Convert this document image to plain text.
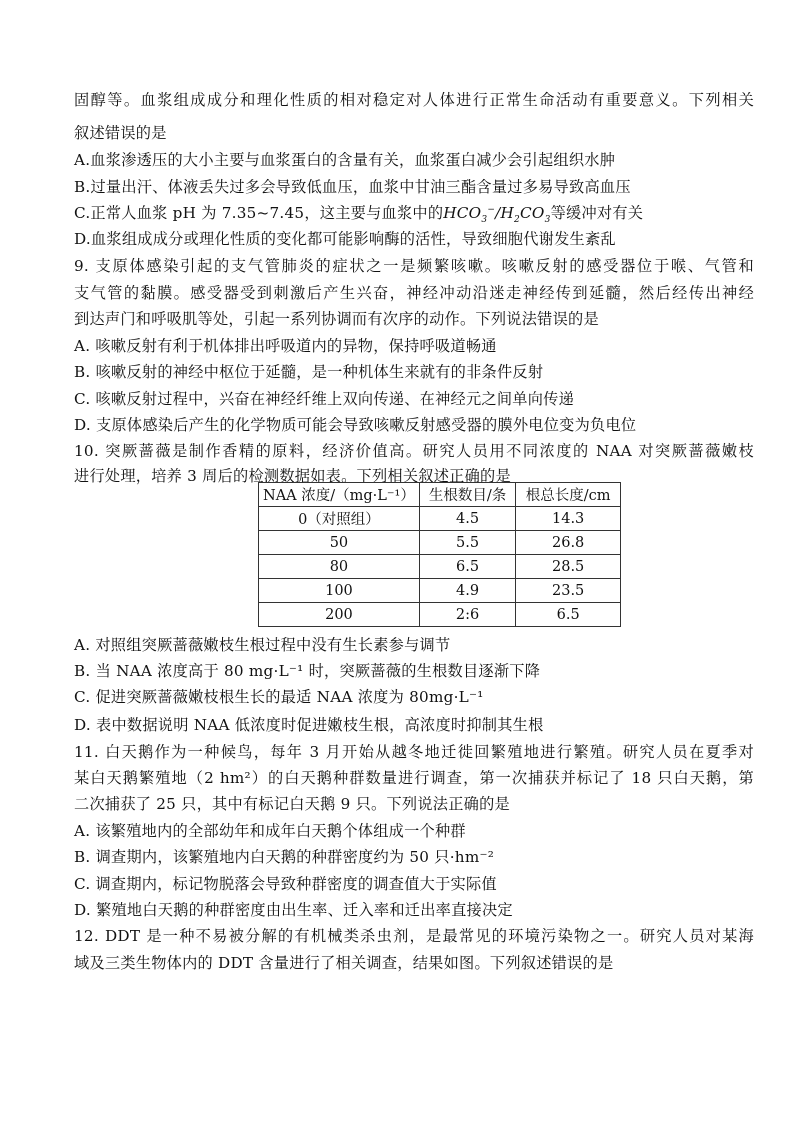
固醇等。血浆组成成分和理化性质的相对稳定对人体进行正常生命活动有重要意义。下列相关
叙述错误的是
A.血浆渗透压的大小主要与血浆蛋白的含量有关，血浆蛋白减少会引起组织水肿
B.过量出汗、体液丢失过多会导致低血压，血浆中甘油三酯含量过多易导致高血压
C.正常人血浆 pH 为 7.35~7.45，这主要与血浆中的$HCO_3^-/H_2CO_3$等缓冲对有关
D.血浆组成成分或理化性质的变化都可能影响酶的活性，导致细胞代谢发生紊乱
9. 支原体感染引起的支气管肺炎的症状之一是频繁咳嗽。咳嗽反射的感受器位于喉、气管和
支气管的黏膜。感受器受到刺激后产生兴奋，神经冲动沿迷走神经传到延髓，然后经传出神经
到达声门和呼吸肌等处，引起一系列协调而有次序的动作。下列说法错误的是
A. 咳嗽反射有利于机体排出呼吸道内的异物，保持呼吸道畅通
B. 咳嗽反射的神经中枢位于延髓，是一种机体生来就有的非条件反射
C. 咳嗽反射过程中，兴奋在神经纤维上双向传递、在神经元之间单向传递
D. 支原体感染后产生的化学物质可能会导致咳嗽反射感受器的膜外电位变为负电位
10. 突厥蔷薇是制作香精的原料，经济价值高。研究人员用不同浓度的 NAA 对突厥蔷薇嫩枝
进行处理，培养 3 周后的检测数据如表。下列相关叙述正确的是
NAA 浓度/（mg·L⁻¹）	生根数目/条	根总长度/cm
0（对照组）	4.5	14.3
50	5.5	26.8
80	6.5	28.5
100	4.9	23.5
200	2:6	6.5
A. 对照组突厥蔷薇嫩枝生根过程中没有生长素参与调节
B. 当 NAA 浓度高于 80 mg·L⁻¹ 时，突厥蔷薇的生根数目逐渐下降
C. 促进突厥蔷薇嫩枝根生长的最适 NAA 浓度为 80mg·L⁻¹
D. 表中数据说明 NAA 低浓度时促进嫩枝生根，高浓度时抑制其生根
11. 白天鹅作为一种候鸟，每年 3 月开始从越冬地迁徙回繁殖地进行繁殖。研究人员在夏季对
某白天鹅繁殖地（2 hm²）的白天鹅种群数量进行调查，第一次捕获并标记了 18 只白天鹅，第
二次捕获了 25 只，其中有标记白天鹅 9 只。下列说法正确的是
A. 该繁殖地内的全部幼年和成年白天鹅个体组成一个种群
B. 调查期内，该繁殖地内白天鹅的种群密度约为 50 只·hm⁻²
C. 调查期内，标记物脱落会导致种群密度的调查值大于实际值
D. 繁殖地白天鹅的种群密度由出生率、迁入率和迁出率直接决定
12. DDT 是一种不易被分解的有机械类杀虫剂，是最常见的环境污染物之一。研究人员对某海
域及三类生物体内的 DDT 含量进行了相关调查，结果如图。下列叙述错误的是
